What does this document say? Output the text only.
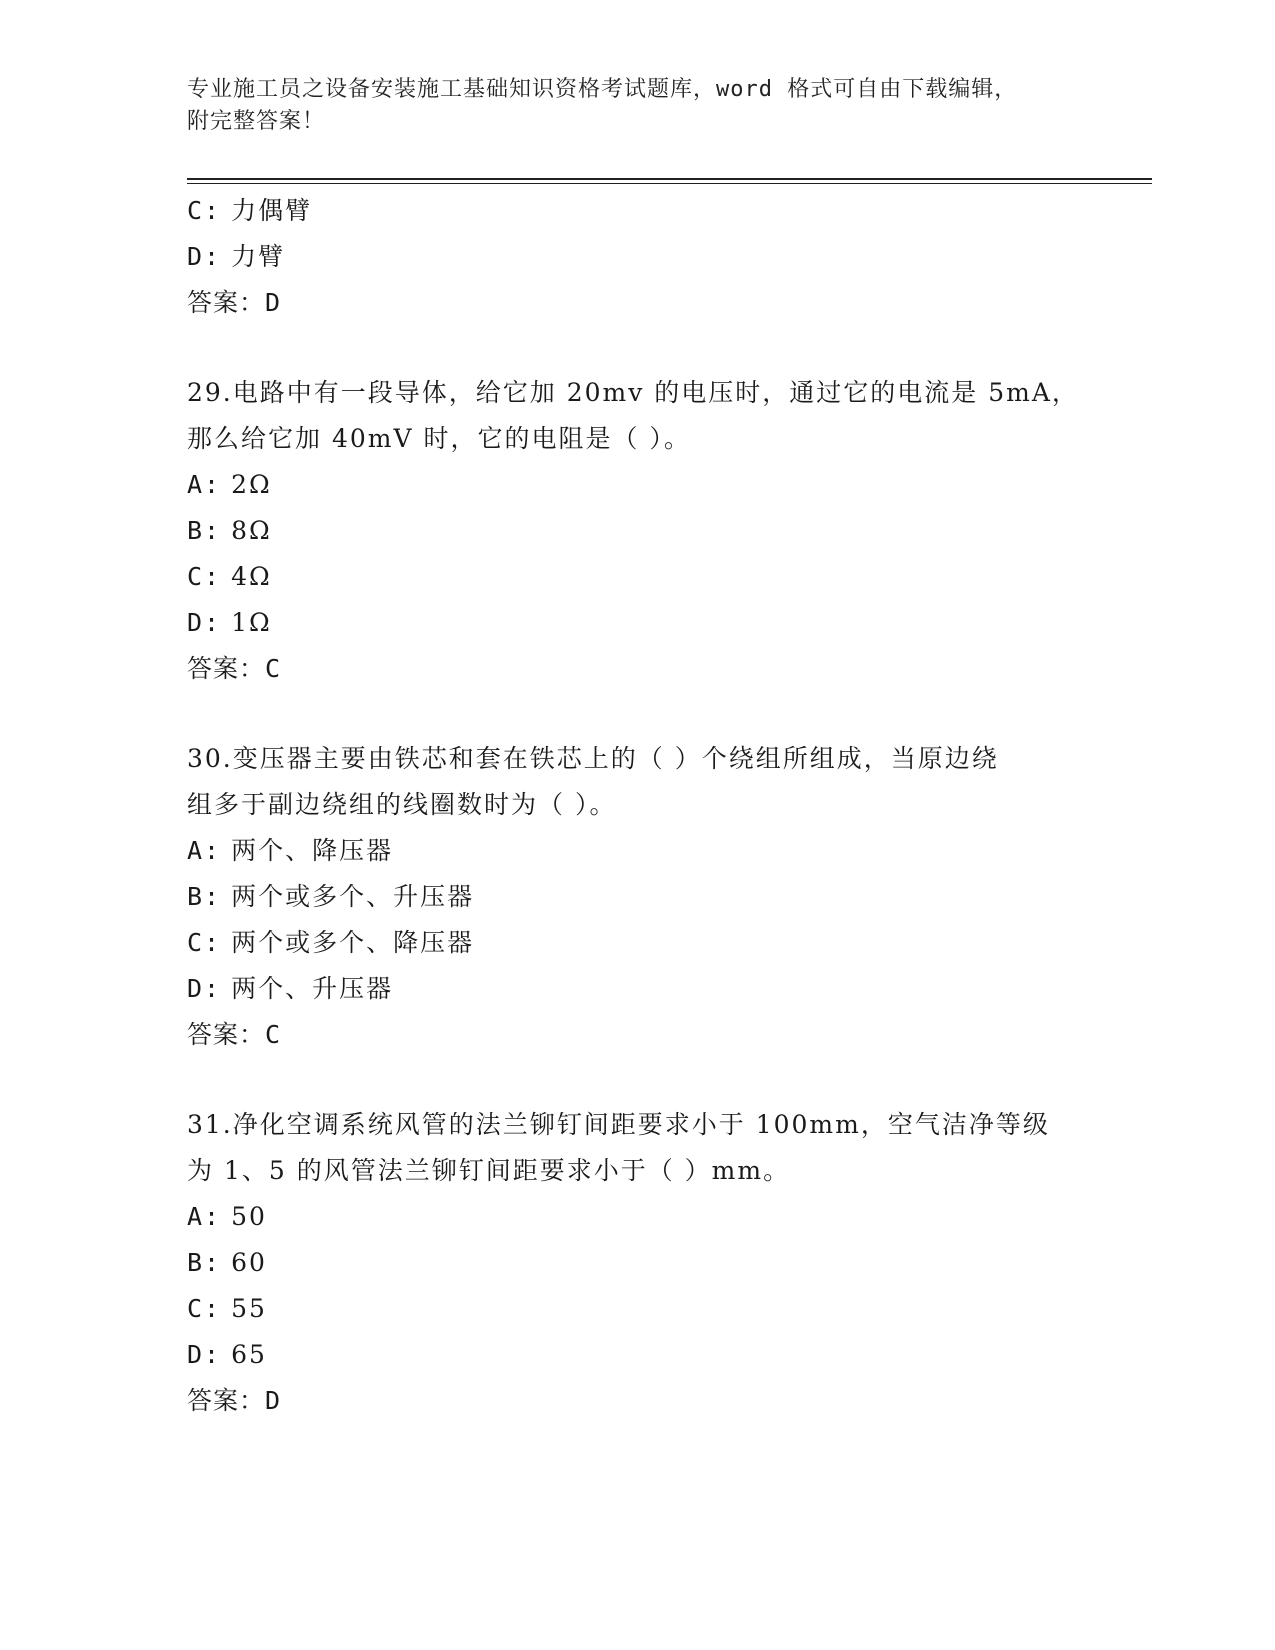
专业施工员之设备安装施工基础知识资格考试题库，word 格式可自由下载编辑，
附完整答案！
C: 力偶臂
D: 力臂
答案：D
29.电路中有一段导体，给它加 20mv 的电压时，通过它的电流是 5mA，
那么给它加 40mV 时，它的电阻是（ ）。
A: 2Ω
B: 8Ω
C: 4Ω
D: 1Ω
答案：C
30.变压器主要由铁芯和套在铁芯上的（ ）个绕组所组成，当原边绕
组多于副边绕组的线圈数时为（ ）。
A: 两个、降压器
B: 两个或多个、升压器
C: 两个或多个、降压器
D: 两个、升压器
答案：C
31.净化空调系统风管的法兰铆钉间距要求小于 100mm，空气洁净等级
为 1、5 的风管法兰铆钉间距要求小于（ ）mm。
A: 50
B: 60
C: 55
D: 65
答案：D
